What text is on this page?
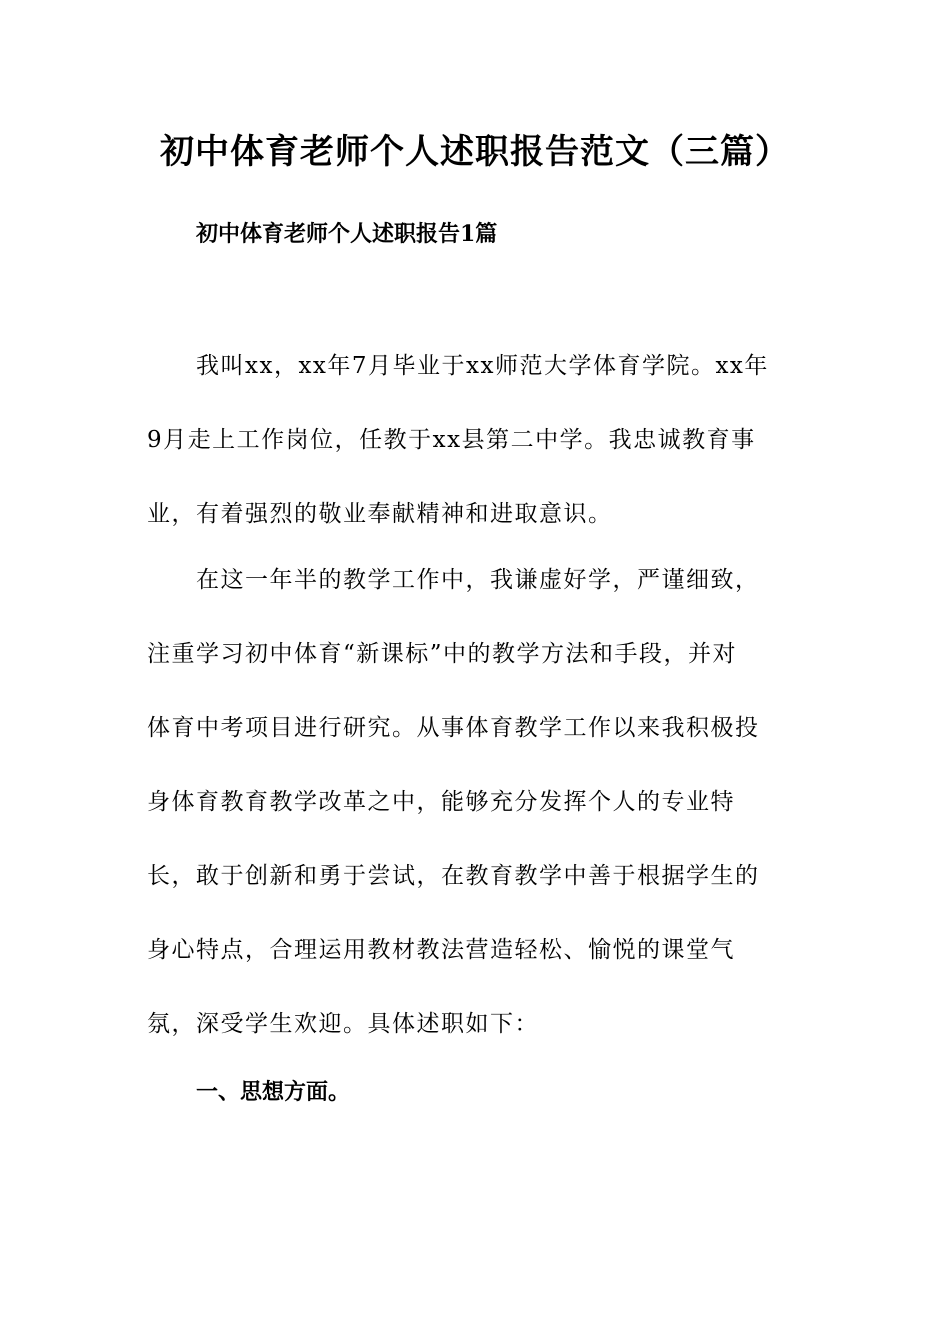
初中体育老师个人述职报告范文（三篇）
初中体育老师个人述职报告1篇
我叫xx，xx年7月毕业于xx师范大学体育学院。xx年
9月走上工作岗位，任教于xx县第二中学。我忠诚教育事
业，有着强烈的敬业奉献精神和进取意识。
在这一年半的教学工作中，我谦虚好学，严谨细致，
注重学习初中体育“新课标”中的教学方法和手段，并对
体育中考项目进行研究。从事体育教学工作以来我积极投
身体育教育教学改革之中，能够充分发挥个人的专业特
长，敢于创新和勇于尝试，在教育教学中善于根据学生的
身心特点，合理运用教材教法营造轻松、愉悦的课堂气
氛，深受学生欢迎。具体述职如下：
一、思想方面。
